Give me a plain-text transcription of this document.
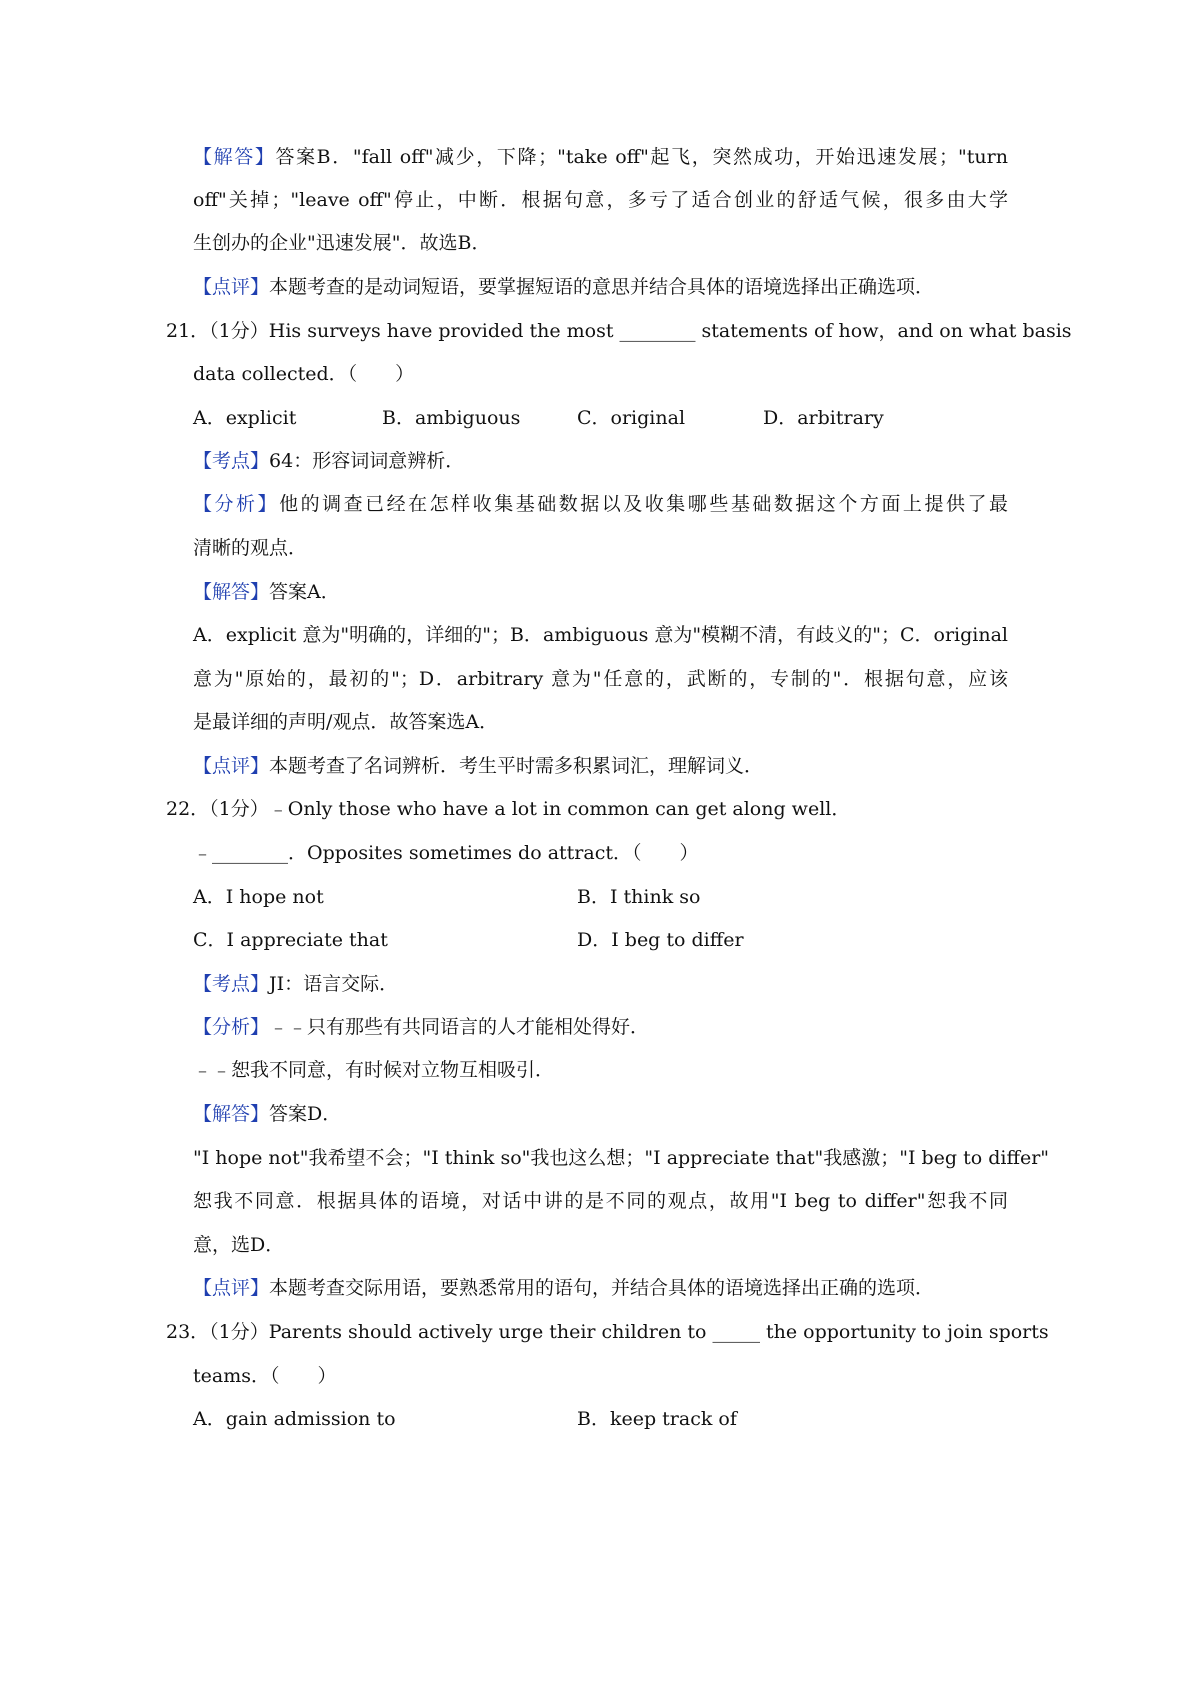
【解答】答案B．"fall off"减少，下降；"take off"起飞，突然成功，开始迅速发展；"turn
off"关掉；"leave off"停止，中断．根据句意，多亏了适合创业的舒适气候，很多由大学
生创办的企业"迅速发展"．故选B．
【点评】本题考查的是动词短语，要掌握短语的意思并结合具体的语境选择出正确选项．
21．（1分）His surveys have provided the most ________ statements of how，and on what basis
data collected．（　　）
A．explicit	B．ambiguous	C．original	D．arbitrary
【考点】64：形容词词意辨析．
【分析】他的调查已经在怎样收集基础数据以及收集哪些基础数据这个方面上提供了最
清晰的观点．
【解答】答案A．
A．explicit 意为"明确的，详细的"；B．ambiguous 意为"模糊不清，有歧义的"；C．original
意为"原始的，最初的"；D．arbitrary 意为"任意的，武断的，专制的"．根据句意，应该
是最详细的声明/观点．故答案选A．
【点评】本题考查了名词辨析．考生平时需多积累词汇，理解词义．
22．（1分）﹣Only those who have a lot in common can get along well．
﹣________．Opposites sometimes do attract．（　　）
A．I hope not	B．I think so
C．I appreciate that	D．I beg to differ
【考点】JI：语言交际．
【分析】﹣﹣只有那些有共同语言的人才能相处得好．
﹣﹣恕我不同意，有时候对立物互相吸引．
【解答】答案D．
"I hope not"我希望不会；"I think so"我也这么想；"I appreciate that"我感激；"I beg to differ"
恕我不同意．根据具体的语境，对话中讲的是不同的观点，故用"I beg to differ"恕我不同
意，选D．
【点评】本题考查交际用语，要熟悉常用的语句，并结合具体的语境选择出正确的选项．
23．（1分）Parents should actively urge their children to _____ the opportunity to join sports
teams．（　　）
A．gain admission to	B．keep track of
